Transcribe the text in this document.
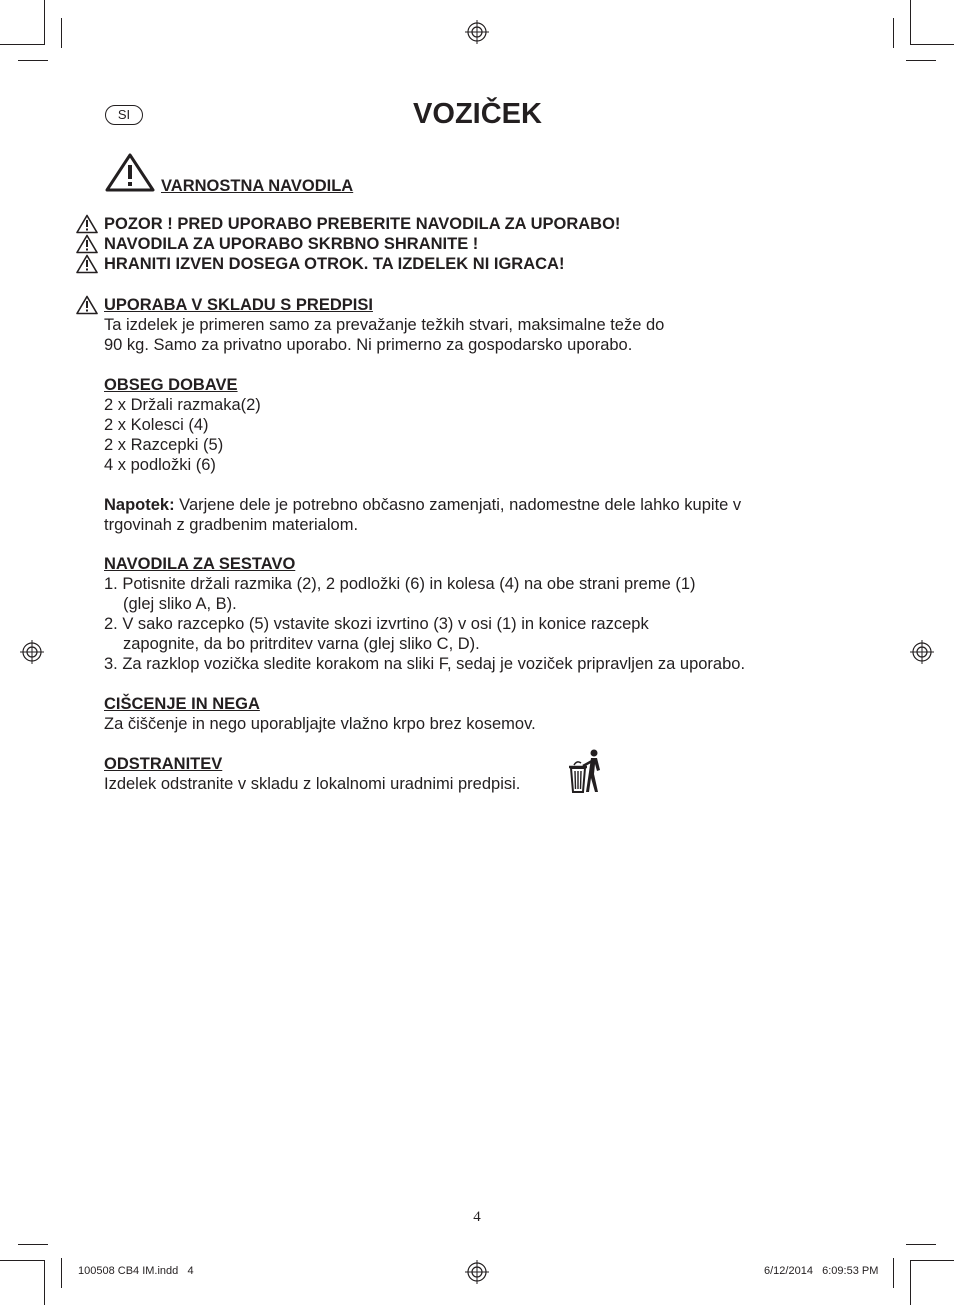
SI	VOZIČEK
VARNOSTNA NAVODILA
POZOR ! PRED UPORABO PREBERITE NAVODILA ZA UPORABO!
NAVODILA ZA UPORABO SKRBNO SHRANITE !
HRANITI IZVEN DOSEGA OTROK. TA IZDELEK NI IGRACA!
UPORABA V SKLADU S PREDPISI
Ta izdelek je primeren samo za prevažanje težkih stvari, maksimalne teže do
90 kg. Samo za privatno uporabo. Ni primerno za gospodarsko uporabo.
OBSEG DOBAVE
2 x Držali razmaka(2)
2 x Kolesci (4)
2 x Razcepki (5)
4 x podložki (6)
Napotek: Varjene dele je potrebno občasno zamenjati, nadomestne dele lahko kupite v
trgovinah z gradbenim materialom.
NAVODILA ZA SESTAVO
1. Potisnite držali razmika (2), 2 podložki (6) in kolesa (4) na obe strani preme (1)
(glej sliko A, B).
2. V sako razcepko (5) vstavite skozi izvrtino (3) v osi (1) in konice razcepk
zapognite, da bo pritrditev varna (glej sliko C, D).
3. Za razklop vozička sledite korakom na sliki F, sedaj je voziček pripravljen za uporabo.
CIŠCENJE IN NEGA
Za čiščenje in nego uporabljajte vlažno krpo brez kosemov.
ODSTRANITEV
Izdelek odstranite v skladu z lokalnomi uradnimi predpisi.
4
100508 CB4 IM.indd   4	6/12/2014   6:09:53 PM
